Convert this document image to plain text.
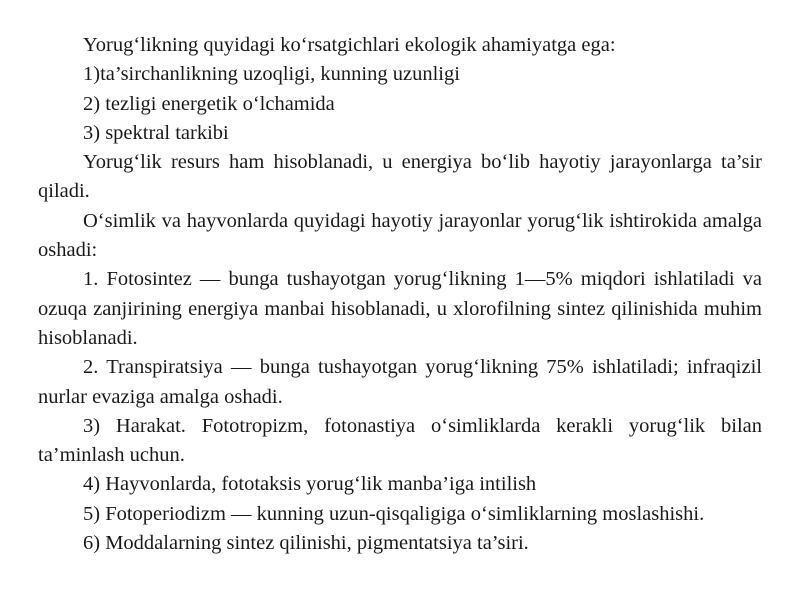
Yorug‘likning quyidagi ko‘rsatgichlari ekologik ahamiyatga ega:

1)ta’sirchanlikning uzoqligi, kunning uzunligi

2) tezligi energetik o‘lchamida

3) spektral tarkibi

Yorug‘lik resurs ham hisoblanadi, u energiya bo‘lib hayotiy jarayonlarga ta’sir qiladi.

O‘simlik va hayvonlarda quyidagi hayotiy jarayonlar yorug‘lik ishtirokida amalga oshadi:

1. Fotosintez — bunga tushayotgan yorug‘likning 1—5% miqdori ishlatiladi va ozuqa zanjirining energiya manbai hisoblanadi, u xlorofilning sintez qilinishida muhim hisoblanadi.

2. Transpiratsiya — bunga tushayotgan yorug‘likning 75% ishlatiladi; infraqizil nurlar evaziga amalga oshadi.

3) Harakat. Fototropizm, fotonastiya o‘simliklarda kerakli yorug‘lik bilan ta’minlash uchun.

4) Hayvonlarda, fototaksis yorug‘lik manba’iga intilish

5) Fotoperiodizm — kunning uzun-qisqaligiga o‘simliklarning moslashishi.

6) Moddalarning sintez qilinishi, pigmentatsiya ta’siri.
